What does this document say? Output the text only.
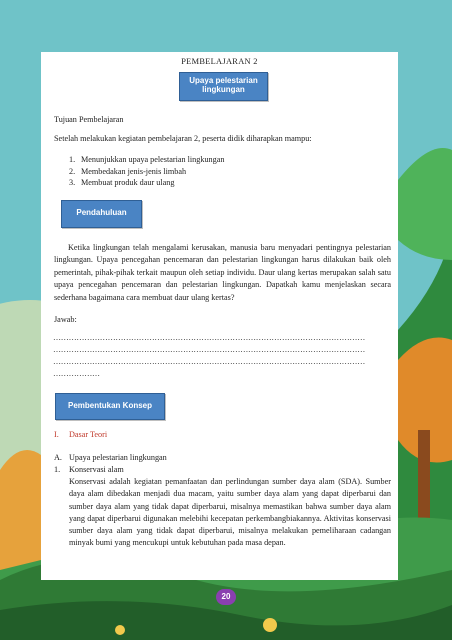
PEMBELAJARAN 2
Upaya pelestarian
lingkungan
Tujuan Pembelajaran
Setelah melakukan kegiatan pembelajaran 2, peserta didik diharapkan mampu:
1. Menunjukkan upaya pelestarian lingkungan
2. Membedakan jenis-jenis limbah
3. Membuat produk daur ulang
Pendahuluan
Ketika lingkungan telah mengalami kerusakan, manusia baru menyadari pentingnya pelestarian lingkungan. Upaya pencegahan pencemaran dan pelestarian lingkungan harus dilakukan baik oleh pemerintah, pihak-pihak terkait maupun oleh setiap individu. Daur ulang kertas merupakan salah satu upaya pencegahan pencemaran dan pelestarian lingkungan. Dapatkah kamu menjelaskan secara sederhana bagaimana cara membuat daur ulang kertas?
Jawab:
…………………………………………………………………………………………………………
…………………………………………………………………………………………………………
…………………………………………………………………………………………………………
………………
Pembentukan Konsep
I. Dasar Teori
A. Upaya pelestarian lingkungan
1. Konservasi alam
Konservasi adalah kegiatan pemanfaatan dan perlindungan sumber daya alam (SDA). Sumber daya alam dibedakan menjadi dua macam, yaitu sumber daya alam yang dapat diperbarui dan sumber daya alam yang tidak dapat diperbarui, misalnya memastikan bahwa sumber daya alam yang dapat diperbarui digunakan melebihi kecepatan perkembangbiakannya. Aktivitas konservasi sumber daya alam yang tidak dapat diperbarui, misalnya melakukan pemeliharaan cadangan minyak bumi yang mencukupi untuk kebutuhan pada masa depan.
20
